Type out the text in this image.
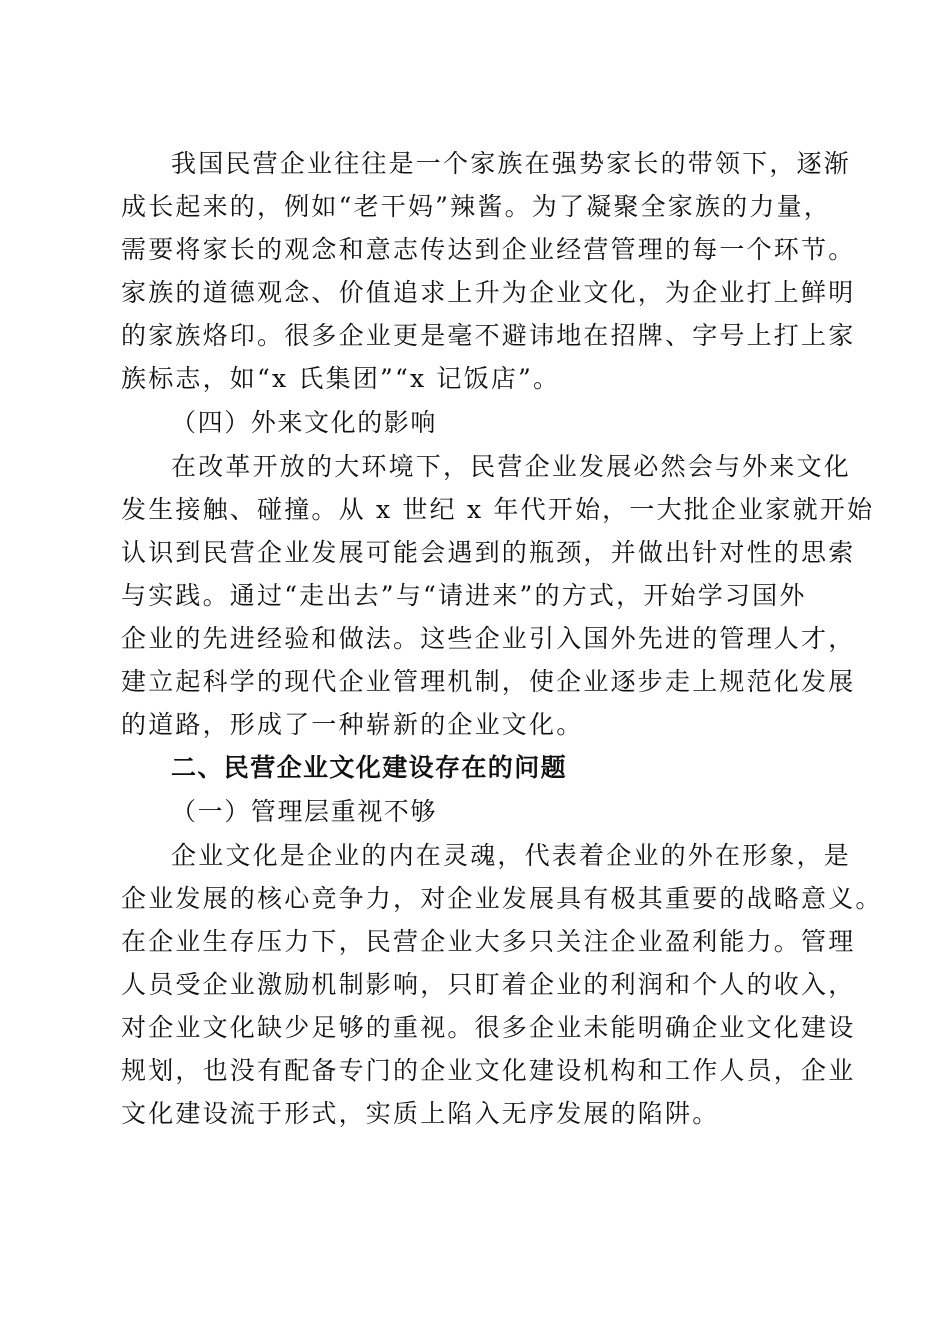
我国民营企业往往是一个家族在强势家长的带领下，逐渐
成长起来的，例如“老干妈”辣酱。为了凝聚全家族的力量，
需要将家长的观念和意志传达到企业经营管理的每一个环节。
家族的道德观念、价值追求上升为企业文化，为企业打上鲜明
的家族烙印。很多企业更是毫不避讳地在招牌、字号上打上家
族标志，如“x 氏集团”“x 记饭店”。
（四）外来文化的影响
在改革开放的大环境下，民营企业发展必然会与外来文化
发生接触、碰撞。从 x 世纪 x 年代开始，一大批企业家就开始
认识到民营企业发展可能会遇到的瓶颈，并做出针对性的思索
与实践。通过“走出去”与“请进来”的方式，开始学习国外
企业的先进经验和做法。这些企业引入国外先进的管理人才，
建立起科学的现代企业管理机制，使企业逐步走上规范化发展
的道路，形成了一种崭新的企业文化。
二、民营企业文化建设存在的问题
（一）管理层重视不够
企业文化是企业的内在灵魂，代表着企业的外在形象，是
企业发展的核心竞争力，对企业发展具有极其重要的战略意义。
在企业生存压力下，民营企业大多只关注企业盈利能力。管理
人员受企业激励机制影响，只盯着企业的利润和个人的收入，
对企业文化缺少足够的重视。很多企业未能明确企业文化建设
规划，也没有配备专门的企业文化建设机构和工作人员，企业
文化建设流于形式，实质上陷入无序发展的陷阱。
